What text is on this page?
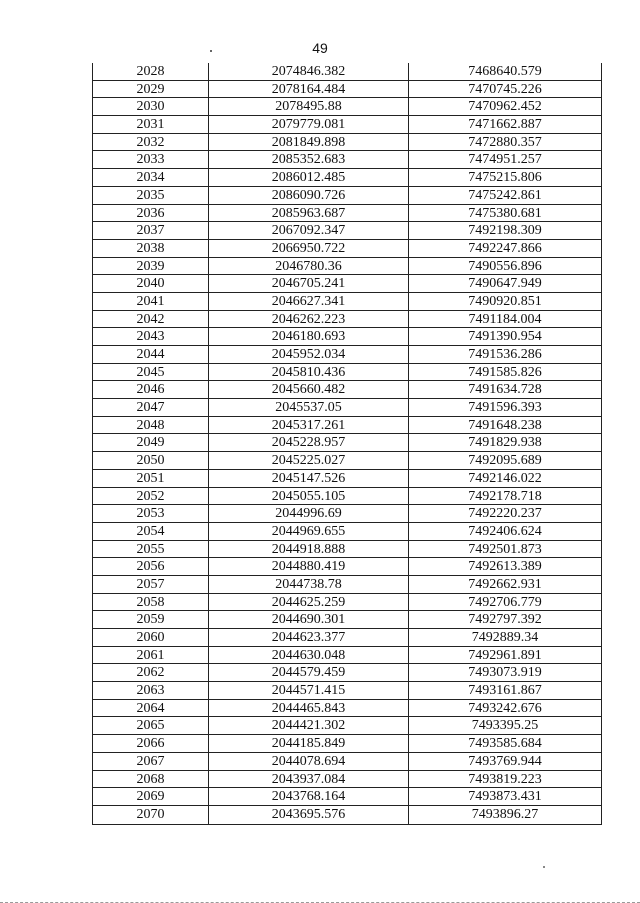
49
2028	2074846.382	7468640.579
2029	2078164.484	7470745.226
2030	2078495.88	7470962.452
2031	2079779.081	7471662.887
2032	2081849.898	7472880.357
2033	2085352.683	7474951.257
2034	2086012.485	7475215.806
2035	2086090.726	7475242.861
2036	2085963.687	7475380.681
2037	2067092.347	7492198.309
2038	2066950.722	7492247.866
2039	2046780.36	7490556.896
2040	2046705.241	7490647.949
2041	2046627.341	7490920.851
2042	2046262.223	7491184.004
2043	2046180.693	7491390.954
2044	2045952.034	7491536.286
2045	2045810.436	7491585.826
2046	2045660.482	7491634.728
2047	2045537.05	7491596.393
2048	2045317.261	7491648.238
2049	2045228.957	7491829.938
2050	2045225.027	7492095.689
2051	2045147.526	7492146.022
2052	2045055.105	7492178.718
2053	2044996.69	7492220.237
2054	2044969.655	7492406.624
2055	2044918.888	7492501.873
2056	2044880.419	7492613.389
2057	2044738.78	7492662.931
2058	2044625.259	7492706.779
2059	2044690.301	7492797.392
2060	2044623.377	7492889.34
2061	2044630.048	7492961.891
2062	2044579.459	7493073.919
2063	2044571.415	7493161.867
2064	2044465.843	7493242.676
2065	2044421.302	7493395.25
2066	2044185.849	7493585.684
2067	2044078.694	7493769.944
2068	2043937.084	7493819.223
2069	2043768.164	7493873.431
2070	2043695.576	7493896.27
